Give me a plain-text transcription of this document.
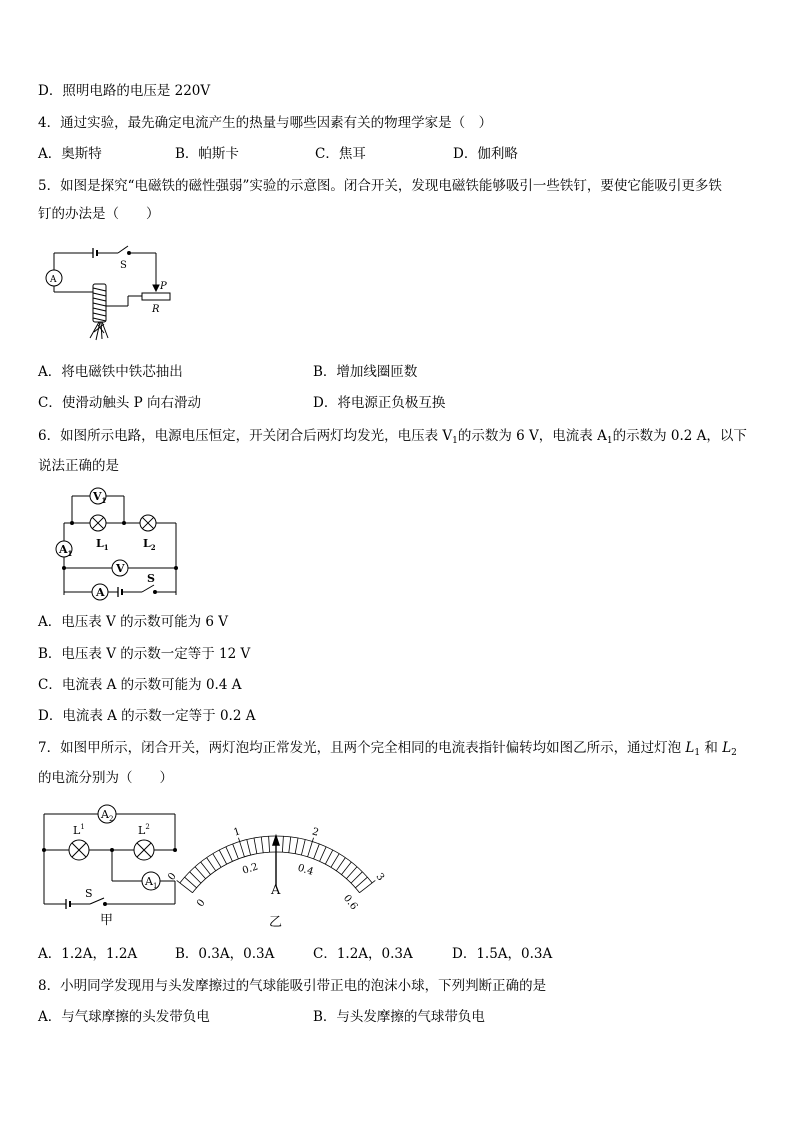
D．照明电路的电压是 220V
4．通过实验，最先确定电流产生的热量与哪些因素有关的物理学家是（　）
A．奥斯特	B．帕斯卡	C．焦耳	D．伽利略
5．如图是探究“电磁铁的磁性强弱”实验的示意图。闭合开关，发现电磁铁能够吸引一些铁钉，要使它能吸引更多铁
钉的办法是（　　）
A
S
P
R
A．将电磁铁中铁芯抽出	B．增加线圈匝数
C．使滑动触头 P 向右滑动	D．将电源正负极互换
6．如图所示电路，电源电压恒定，开关闭合后两灯均发光，电压表 $V_1$的示数为 6 V，电流表 $A_1$的示数为 0.2 A，以下
说法正确的是
$V_1$
$L_1$	$L_2$
$A_1$
V
A
S
A．电压表 V 的示数可能为 6 V
B．电压表 V 的示数一定等于 12 V
C．电流表 A 的示数可能为 0.4 A
D．电流表 A 的示数一定等于 0.2 A
7．如图甲所示，闭合开关，两灯泡均正常发光，且两个完全相同的电流表指针偏转均如图乙所示，通过灯泡 $L_1$ 和 $L_2$
的电流分别为（　　）
$A_2$
$L^1$	$L^2$
$A_1$
S
甲
0
1	2
3
0
0.2	0.4
0.6
A
乙
A．1.2A，1.2A	B．0.3A，0.3A	C．1.2A，0.3A	D．1.5A，0.3A
8．小明同学发现用与头发摩擦过的气球能吸引带正电的泡沫小球，下列判断正确的是
A．与气球摩擦的头发带负电	B．与头发摩擦的气球带负电
